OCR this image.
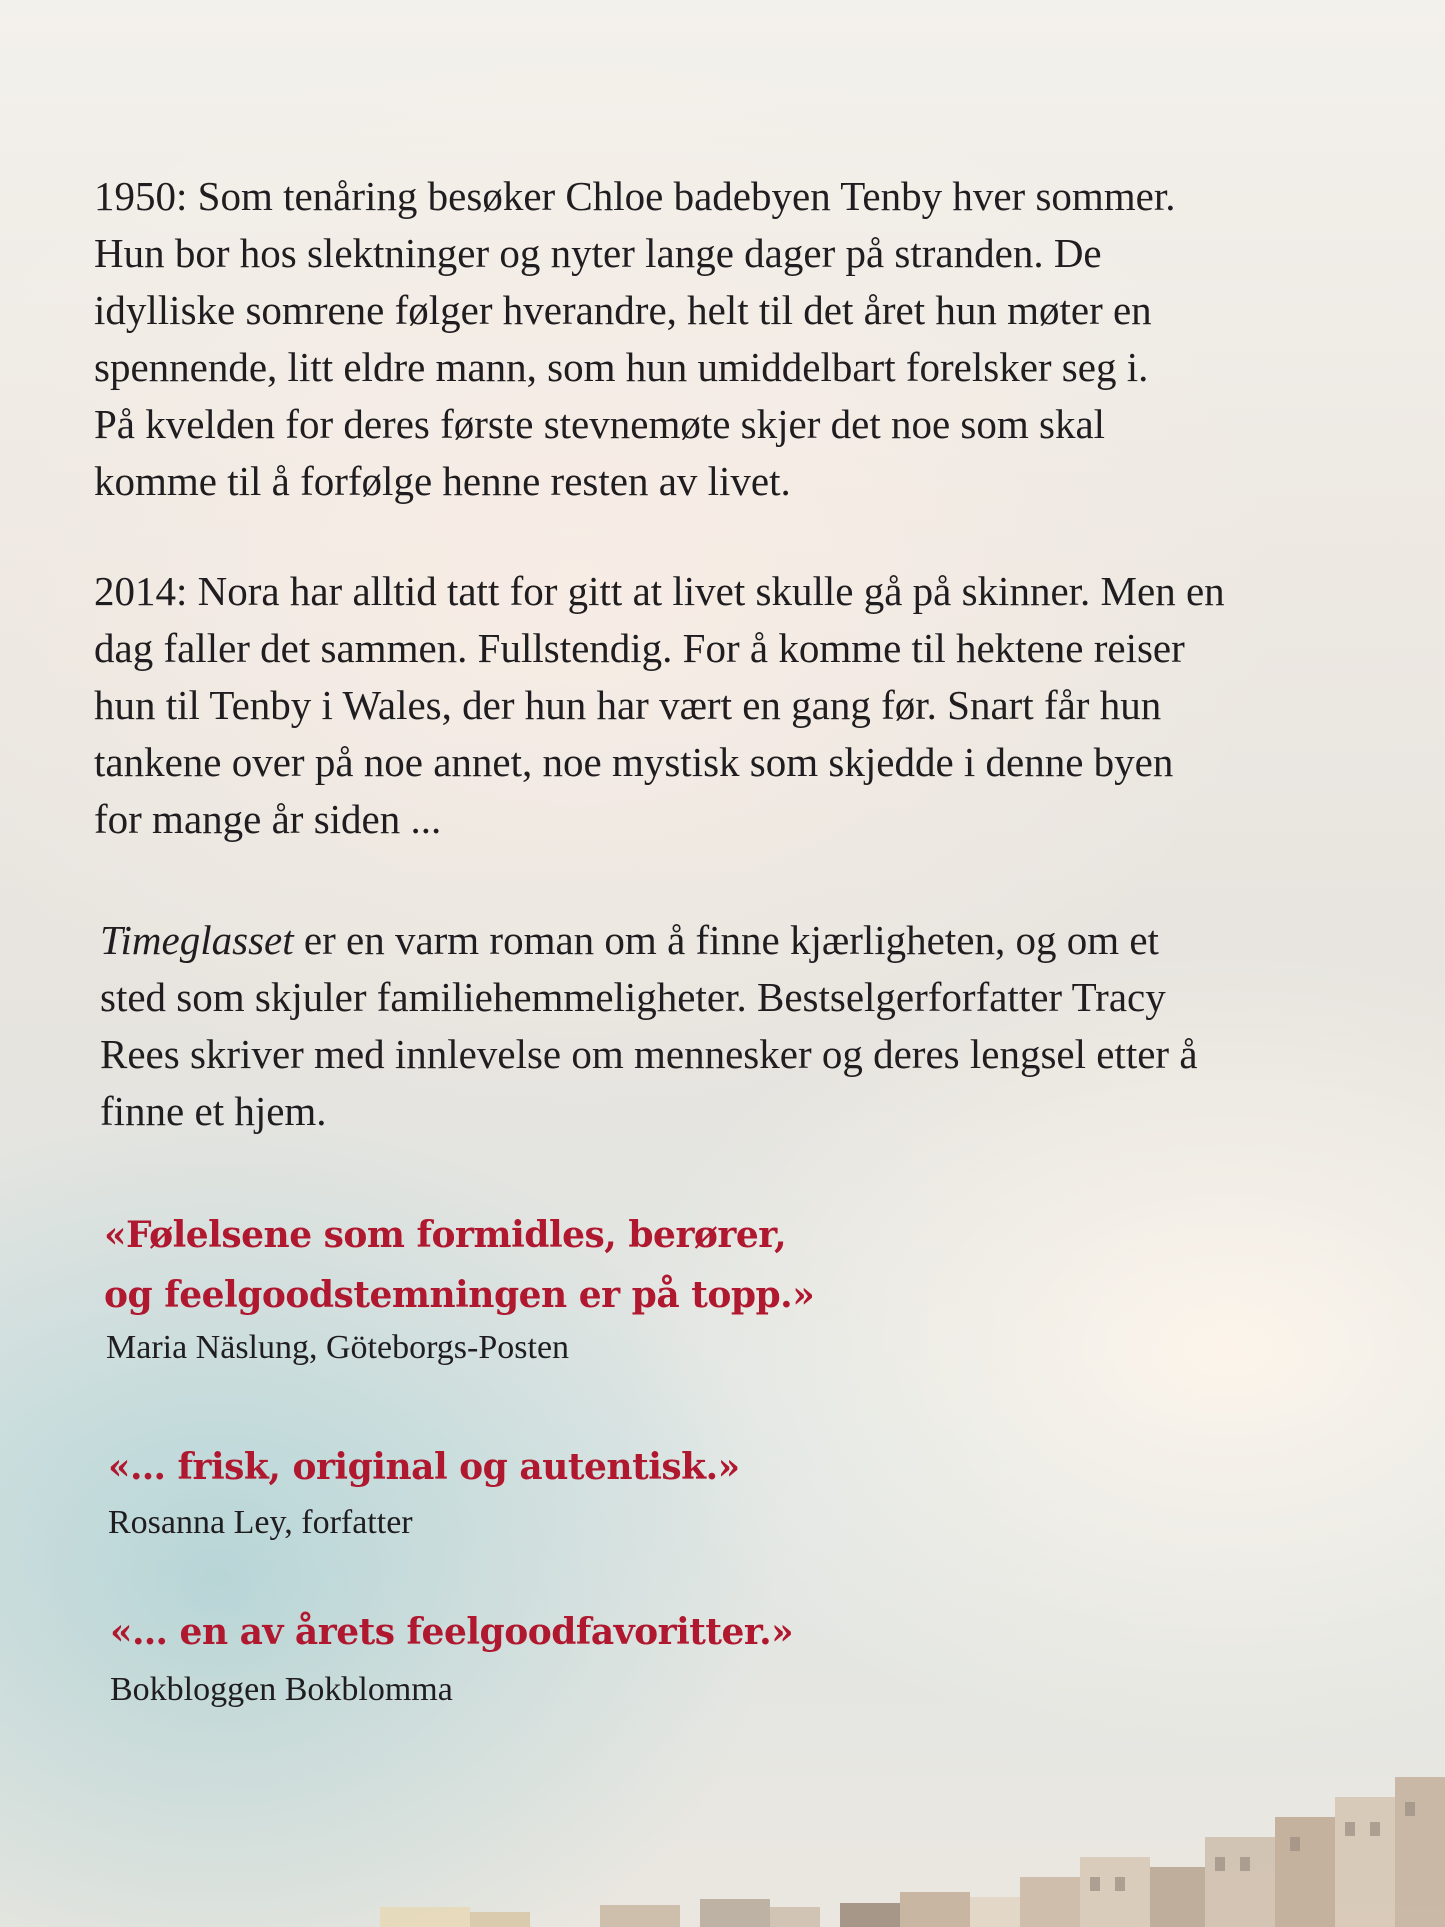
1950: Som tenåring besøker Chloe badebyen Tenby hver sommer.
Hun bor hos slektninger og nyter lange dager på stranden. De
idylliske somrene følger hverandre, helt til det året hun møter en
spennende, litt eldre mann, som hun umiddelbart forelsker seg i.
På kvelden for deres første stevnemøte skjer det noe som skal
komme til å forfølge henne resten av livet.

2014: Nora har alltid tatt for gitt at livet skulle gå på skinner. Men en
dag faller det sammen. Fullstendig. For å komme til hektene reiser
hun til Tenby i Wales, der hun har vært en gang før. Snart får hun
tankene over på noe annet, noe mystisk som skjedde i denne byen
for mange år siden ...

Timeglasset er en varm roman om å finne kjærligheten, og om et
sted som skjuler familiehemmeligheter. Bestselgerforfatter Tracy
Rees skriver med innlevelse om mennesker og deres lengsel etter å
finne et hjem.

«Følelsene som formidles, berører,
og feelgoodstemningen er på topp.»

Maria Näslung, Göteborgs-Posten

«… frisk, original og autentisk.»

Rosanna Ley, forfatter

«… en av årets feelgoodfavoritter.»

Bokbloggen Bokblomma
